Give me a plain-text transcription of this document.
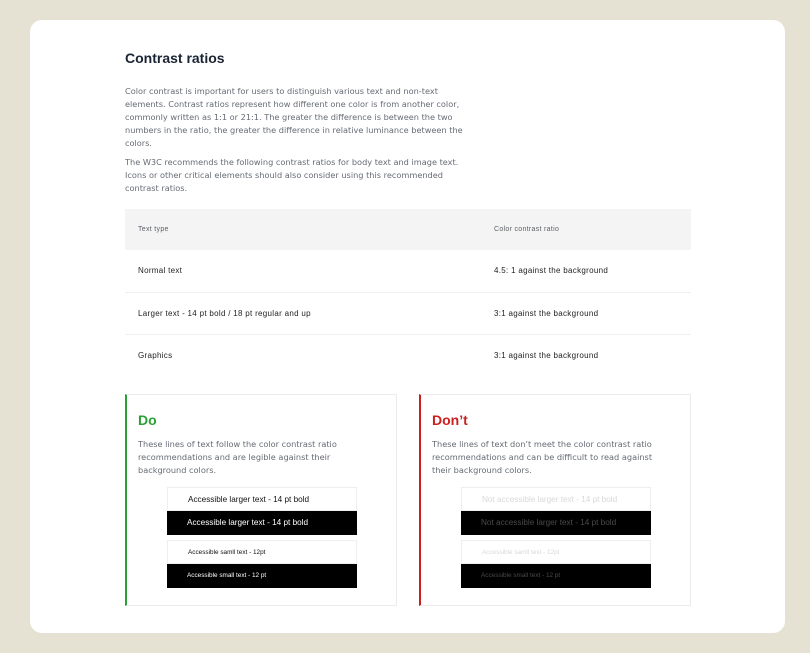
Contrast ratios

Color contrast is important for users to distinguish various text and non-text elements. Contrast ratios represent how different one color is from another color, commonly written as 1:1 or 21:1. The greater the difference is between the two numbers in the ratio, the greater the difference in relative luminance between the colors.

The W3C recommends the following contrast ratios for body text and image text. Icons or other critical elements should also consider using this recommended contrast ratios.

Text type	Color contrast ratio
Normal text	4.5: 1 against the background
Larger text - 14 pt bold / 18 pt regular and up	3:1 against the background
Graphics	3:1 against the background
Do

These lines of text follow the color contrast ratio recommendations and are legible against their background colors.

Accessible larger text - 14 pt bold
Accessible larger text - 14 pt bold
Accessible samll text - 12pt
Accessible small text - 12 pt
Don’t

These lines of text don’t meet the color contrast ratio recommendations and can be difficult to read against their background colors.

Not accessible larger text - 14 pt bold
Not accessible larger text - 14 pt bold
Accessible samll text - 12pt
Accessible small text - 12 pt
